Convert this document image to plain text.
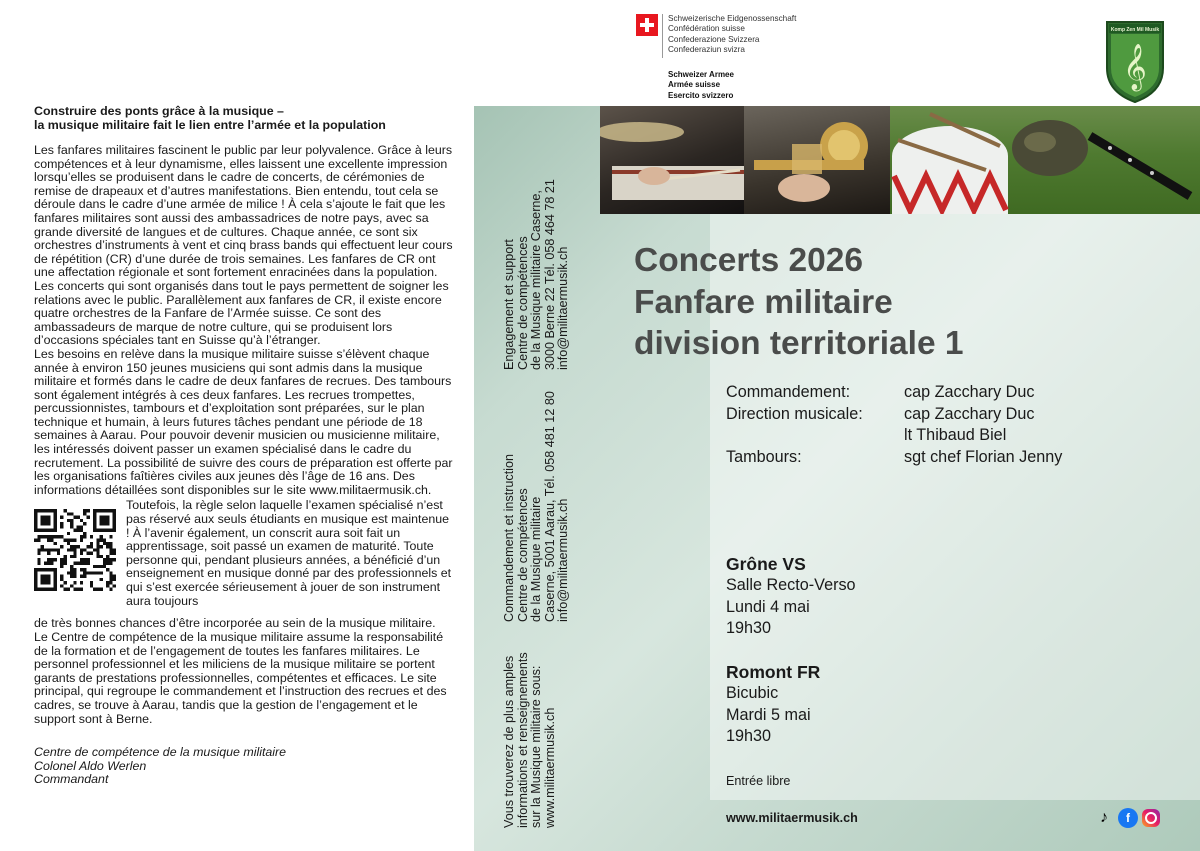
Construire des ponts grâce à la musique –
la musique militaire fait le lien entre l’armée et la population

Les fanfares militaires fascinent le public par leur polyvalence. Grâce à leurs compétences et à leur dynamisme, elles laissent une excellente impression lorsqu’elles se produisent dans le cadre de concerts, de cérémonies de remise de drapeaux et d’autres manifestations. Bien entendu, tout cela se déroule dans le cadre d’une armée de milice ! À cela s’ajoute le fait que les fanfares militaires sont aussi des ambassadrices de notre pays, avec sa grande diversité de langues et de cultures. Chaque année, ce sont six orchestres d’instruments à vent et cinq brass bands qui effectuent leur cours de répétition (CR) d’une durée de trois semaines. Les fanfares de CR ont une affectation régionale et sont fortement enracinées dans la population. Les concerts qui sont organisés dans tout le pays permettent de soigner les relations avec le public. Parallèlement aux fanfares de CR, il existe encore quatre orchestres de la Fanfare de l’Armée suisse. Ce sont des ambassadeurs de marque de notre culture, qui se produisent lors d’occasions spéciales tant en Suisse qu’à l’étranger.

Les besoins en relève dans la musique militaire suisse s’élèvent chaque année à environ 150 jeunes musiciens qui sont admis dans la musique militaire et formés dans le cadre de deux fanfares de recrues. Des tambours sont également intégrés à ces deux fanfares. Les recrues trompettes, percussionnistes, tambours et d’exploitation sont préparées, sur le plan technique et humain, à leurs futures tâches pendant une période de 18 semaines à Aarau. Pour pouvoir devenir musicien ou musicienne militaire, les intéressés doivent passer un examen spécialisé dans le cadre du recrutement. La possibilité de suivre des cours de préparation est offerte par les organisations faîtières civiles aux jeunes dès l’âge de 16 ans. Des informations détaillées sont disponibles sur le site www.militaermusik.ch.

Toutefois, la règle selon laquelle l’examen spécialisé n’est pas réservé aux seuls étudiants en musique est maintenue ! À l’avenir également, un conscrit aura soit fait un apprentissage, soit passé un examen de maturité. Toute personne qui, pendant plusieurs années, a bénéficié d’un enseignement en musique donné par des professionnels et qui s’est exercée sérieusement à jouer de son instrument aura toujours

de très bonnes chances d’être incorporée au sein de la musique militaire.

Le Centre de compétence de la musique militaire assume la responsabilité de la formation et de l’engagement de toutes les fanfares militaires. Le personnel professionnel et les miliciens de la musique militaire se portent garants de prestations professionnelles, compétentes et efficaces. Le site principal, qui regroupe le commandement et l’instruction des recrues et des cadres, se trouve à Aarau, tandis que la gestion de l’engagement et le support sont à Berne.

Centre de compétence de la musique militaire
Colonel Aldo Werlen
Commandant
Engagement et support
Centre de compétences
de la Musique militaire Caserne,
3000 Berne 22 Tél. 058 464 78 21
info@militaermusik.ch
Commandement et instruction
Centre de compétences
de la Musique militaire
Caserne, 5001 Aarau, Tél. 058 481 12 80
info@militaermusik.ch
Vous trouverez de plus amples
informations et renseignements
sur la Musique militaire sous:
www.militaermusik.ch
Schweizerische Eidgenossenschaft
Confédération suisse
Confederazione Svizzera
Confederaziun svizra
Schweizer Armee
Armée suisse
Esercito svizzero
Komp Zen Mil Musik
𝄞
Concerts 2026
Fanfare militaire
division territoriale 1
Commandement:	cap Zacchary Duc
Direction musicale:	cap Zacchary Duc
lt Thibaud Biel
Tambours:	sgt chef Florian Jenny
Grône VS
Salle Recto-Verso
Lundi 4 mai
19h30
Romont FR
Bicubic
Mardi 5 mai
19h30
Entrée libre
www.militaermusik.ch	♪	f
